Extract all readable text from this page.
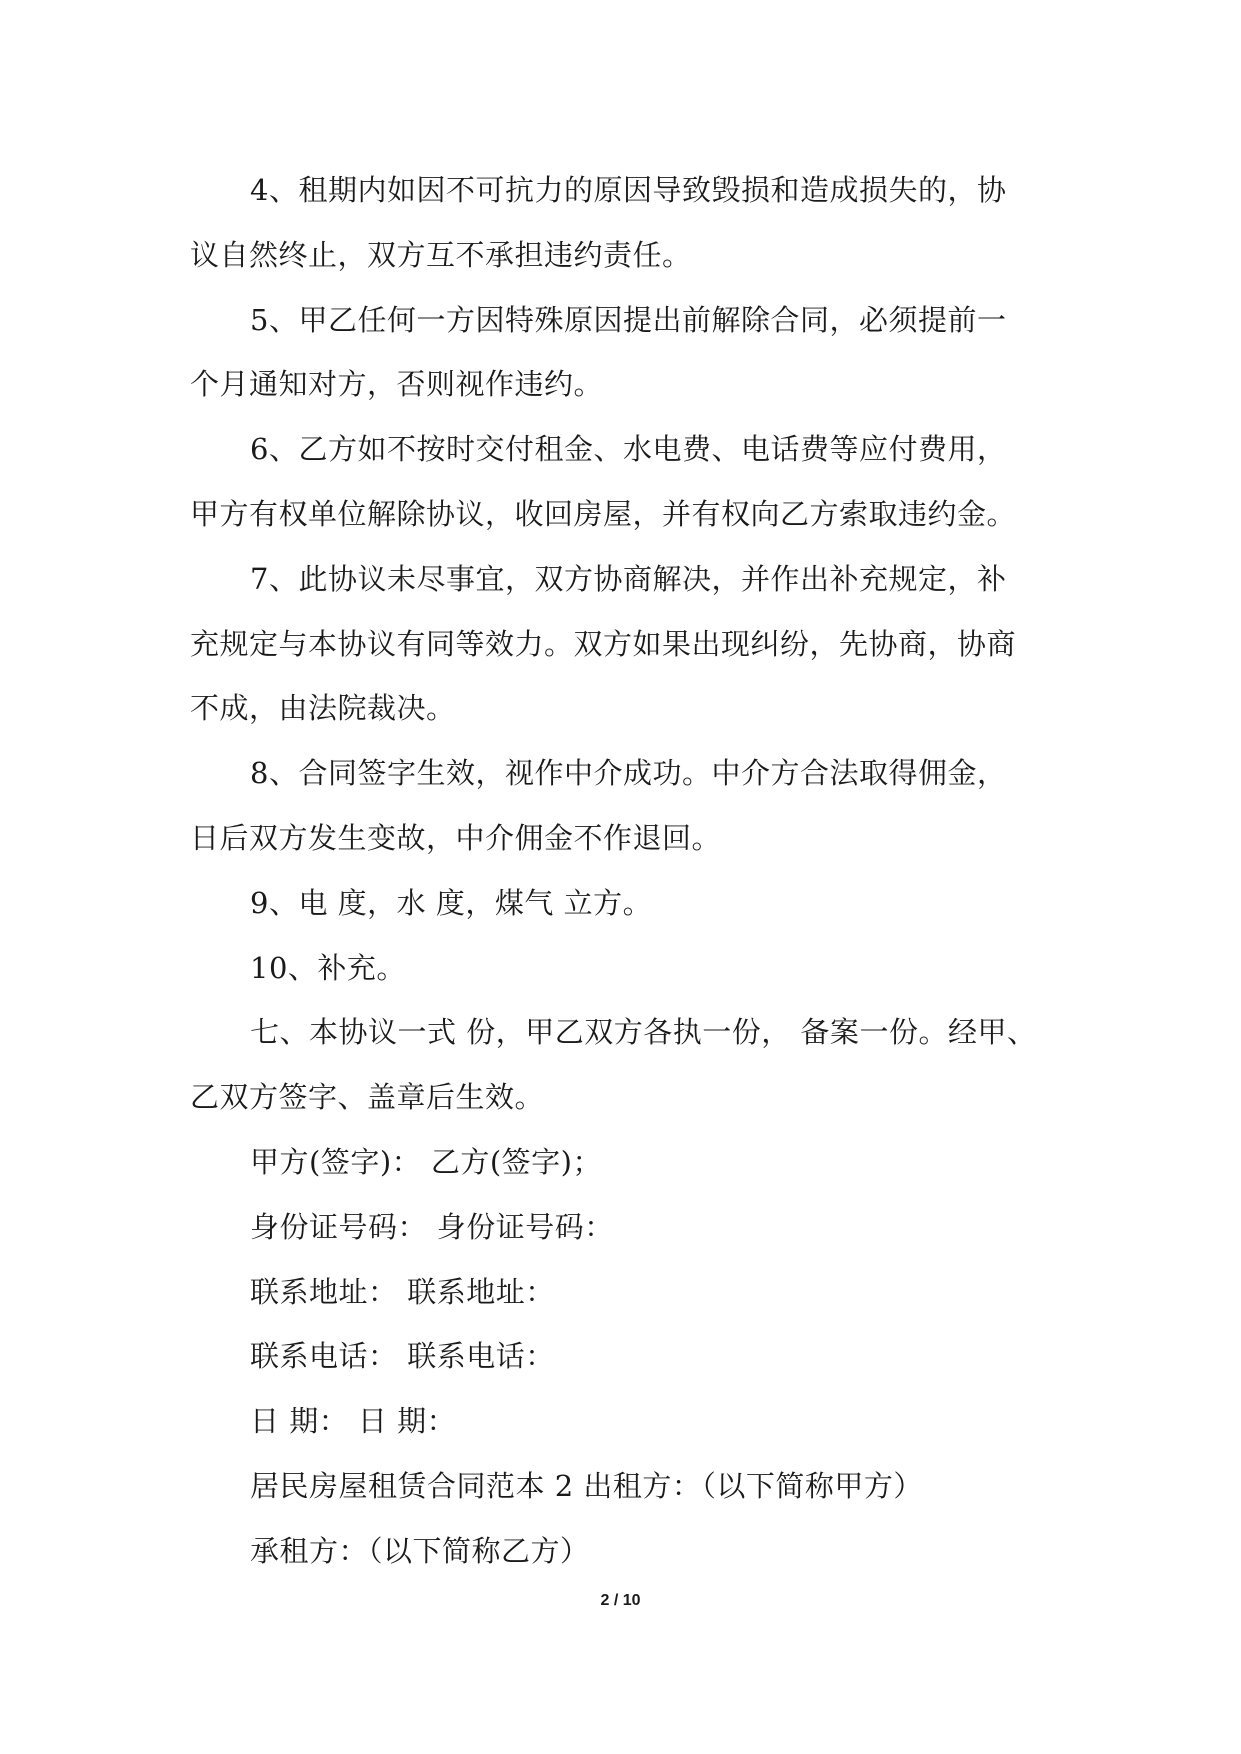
4、租期内如因不可抗力的原因导致毁损和造成损失的，协
议自然终止，双方互不承担违约责任。
5、甲乙任何一方因特殊原因提出前解除合同，必须提前一
个月通知对方，否则视作违约。
6、乙方如不按时交付租金、水电费、电话费等应付费用，
甲方有权单位解除协议，收回房屋，并有权向乙方索取违约金。
7、此协议未尽事宜，双方协商解决，并作出补充规定，补
充规定与本协议有同等效力。双方如果出现纠纷，先协商，协商
不成，由法院裁决。
8、合同签字生效，视作中介成功。中介方合法取得佣金，
日后双方发生变故，中介佣金不作退回。
9、电 度，水 度，煤气 立方。
10、补充。
七、本协议一式 份，甲乙双方各执一份， 备案一份。经甲、
乙双方签字、盖章后生效。
甲方(签字)： 乙方(签字)；
身份证号码： 身份证号码：
联系地址： 联系地址：
联系电话： 联系电话：
日 期： 日 期：
居民房屋租赁合同范本 2 出租方：（以下简称甲方）
承租方：（以下简称乙方）
2 / 10
